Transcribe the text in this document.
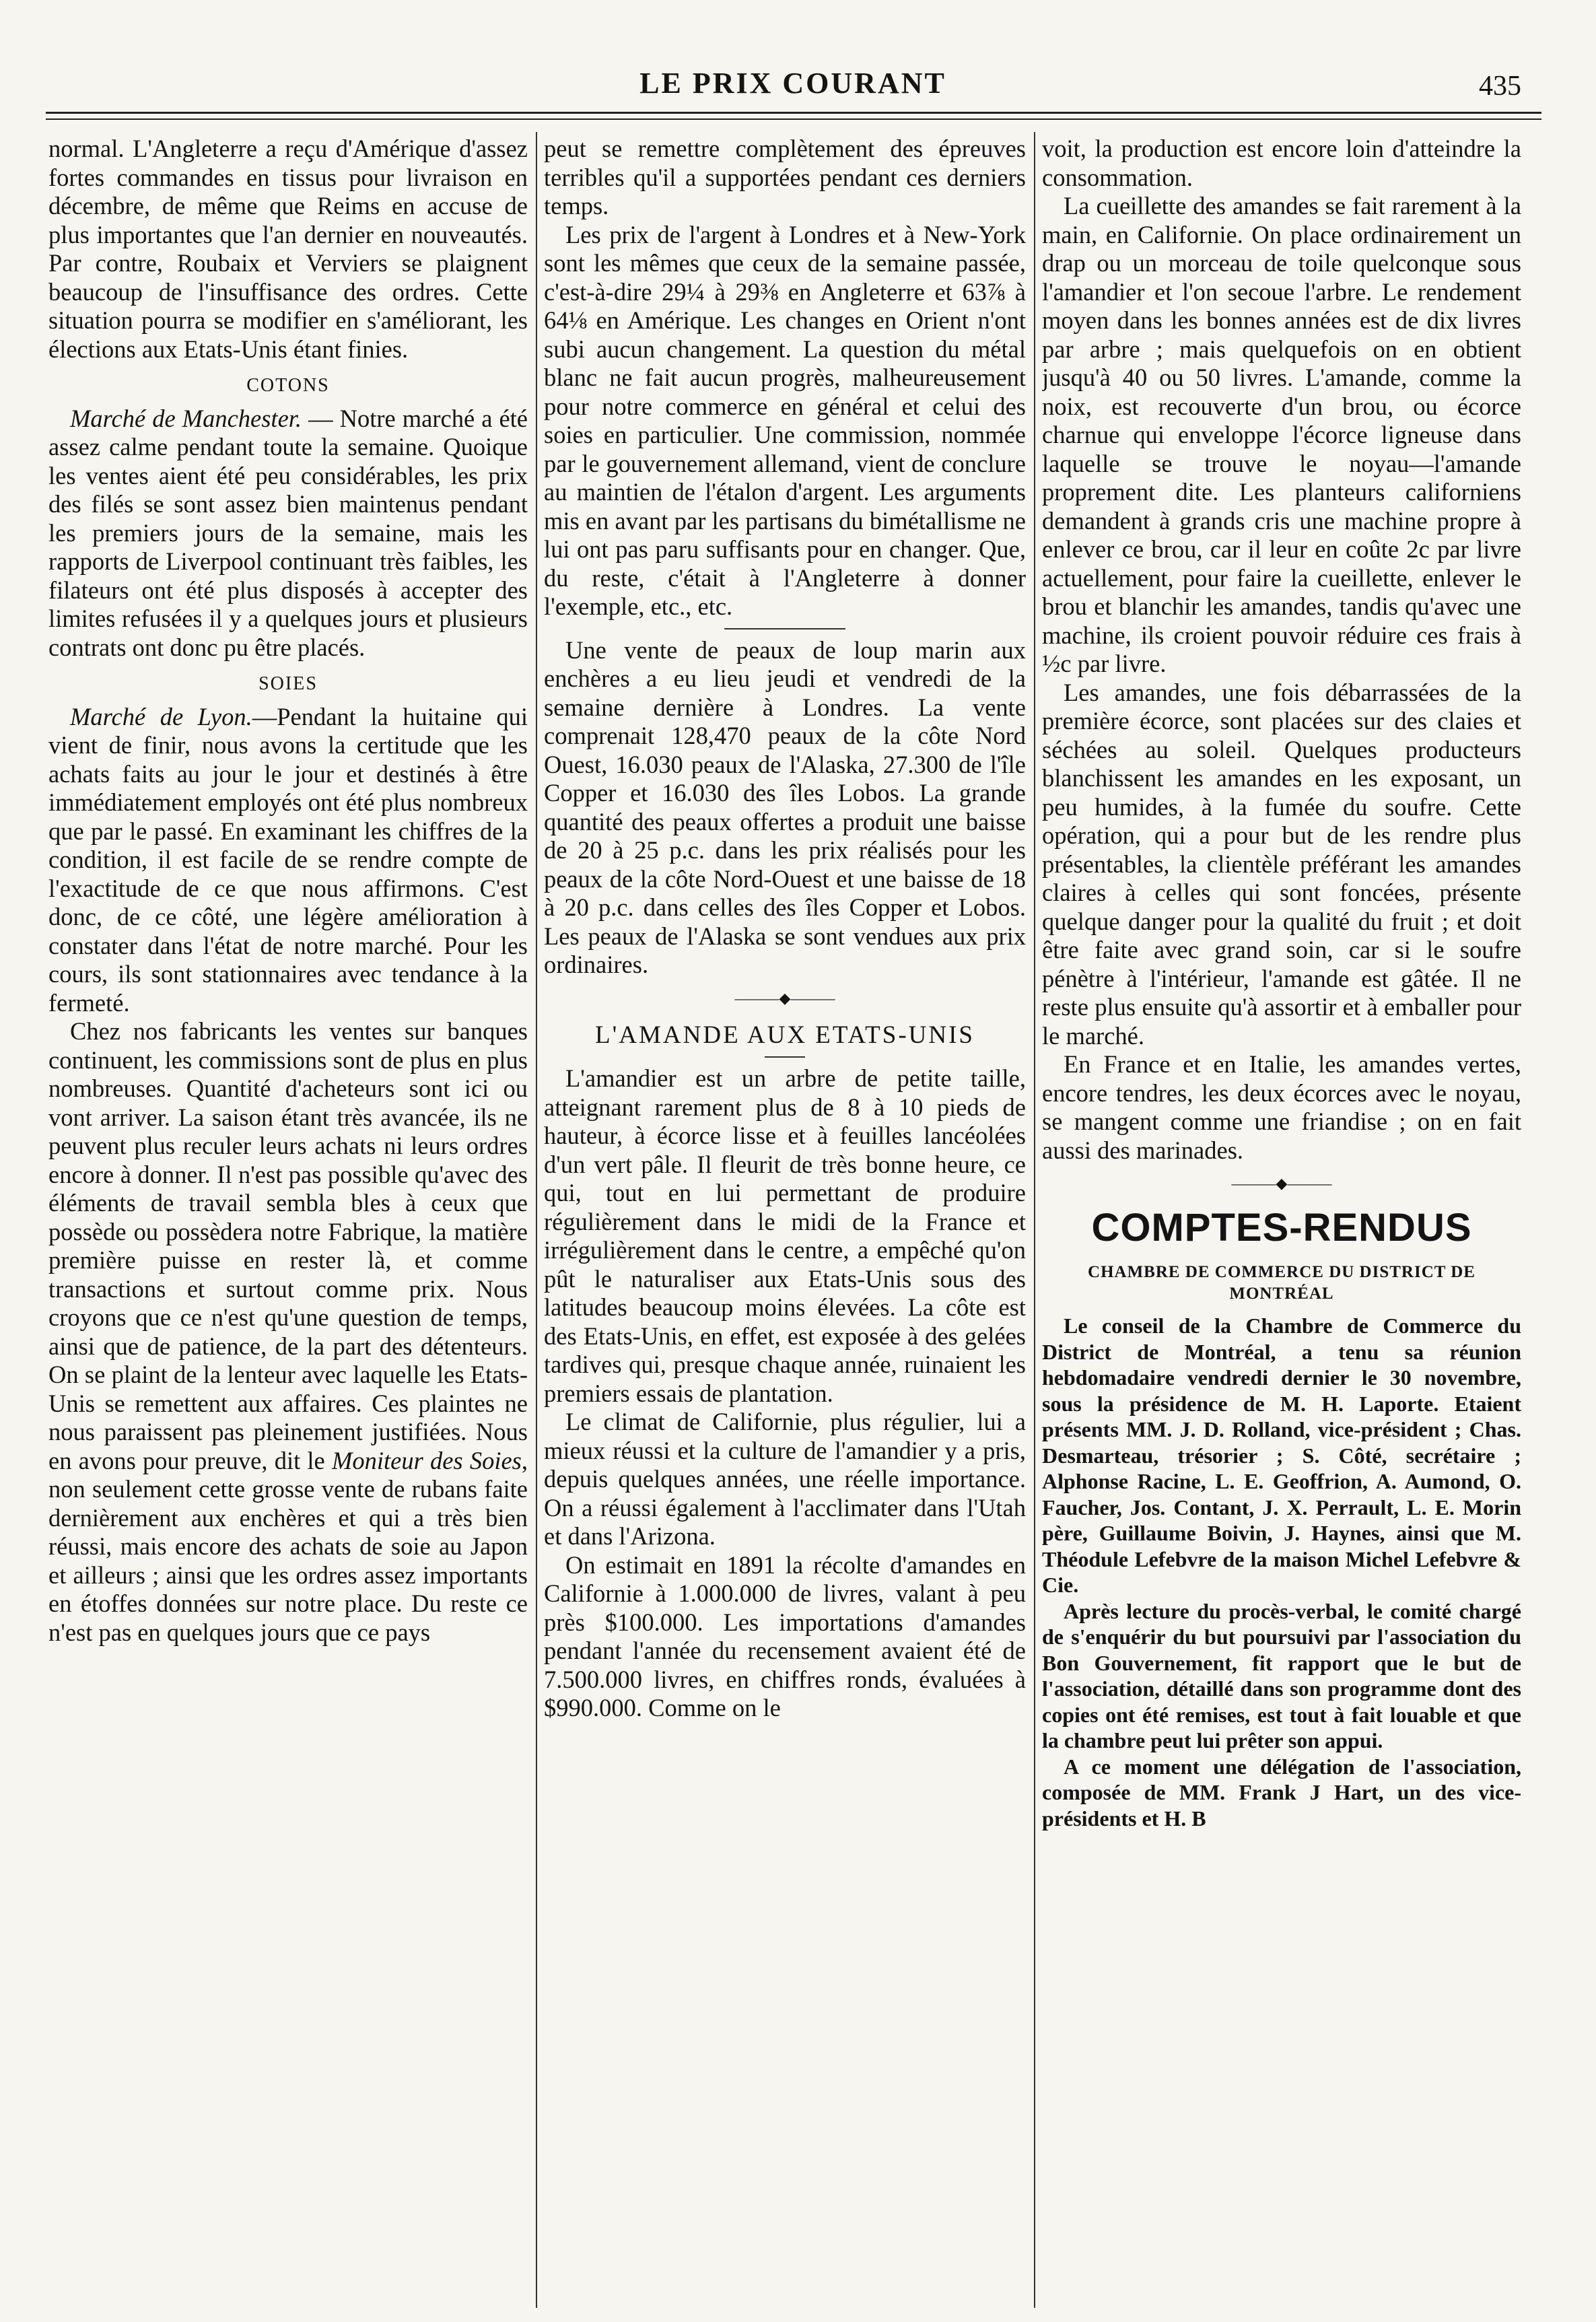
LE PRIX COURANT	435

normal. L'Angleterre a reçu d'Amérique d'assez fortes commandes en tissus pour livraison en décembre, de même que Reims en accuse de plus importantes que l'an dernier en nouveautés. Par contre, Roubaix et Verviers se plaignent beaucoup de l'insuffisance des ordres. Cette situation pourra se modifier en s'améliorant, les élections aux Etats-Unis étant finies.

COTONS

Marché de Manchester. — Notre marché a été assez calme pendant toute la semaine. Quoique les ventes aient été peu considérables, les prix des filés se sont assez bien maintenus pendant les premiers jours de la semaine, mais les rapports de Liverpool continuant très faibles, les filateurs ont été plus disposés à accepter des limites refusées il y a quelques jours et plusieurs contrats ont donc pu être placés.

SOIES

Marché de Lyon.—Pendant la huitaine qui vient de finir, nous avons la certitude que les achats faits au jour le jour et destinés à être immédiatement employés ont été plus nombreux que par le passé. En examinant les chiffres de la condition, il est facile de se rendre compte de l'exactitude de ce que nous affirmons. C'est donc, de ce côté, une légère amélioration à constater dans l'état de notre marché. Pour les cours, ils sont stationnaires avec tendance à la fermeté.

Chez nos fabricants les ventes sur banques continuent, les commissions sont de plus en plus nombreuses. Quantité d'acheteurs sont ici ou vont arriver. La saison étant très avancée, ils ne peuvent plus reculer leurs achats ni leurs ordres encore à donner. Il n'est pas possible qu'avec des éléments de travail sembla bles à ceux que possède ou possèdera notre Fabrique, la matière première puisse en rester là, et comme transactions et surtout comme prix. Nous croyons que ce n'est qu'une question de temps, ainsi que de patience, de la part des détenteurs. On se plaint de la lenteur avec laquelle les Etats-Unis se remettent aux affaires. Ces plaintes ne nous paraissent pas pleinement justifiées. Nous en avons pour preuve, dit le Moniteur des Soies, non seulement cette grosse vente de rubans faite dernièrement aux enchères et qui a très bien réussi, mais encore des achats de soie au Japon et ailleurs ; ainsi que les ordres assez importants en étoffes données sur notre place. Du reste ce n'est pas en quelques jours que ce pays

peut se remettre complètement des épreuves terribles qu'il a supportées pendant ces derniers temps.

Les prix de l'argent à Londres et à New-York sont les mêmes que ceux de la semaine passée, c'est-à-dire 29¼ à 29⅜ en Angleterre et 63⅞ à 64⅛ en Amérique. Les changes en Orient n'ont subi aucun changement. La question du métal blanc ne fait aucun progrès, malheureusement pour notre commerce en général et celui des soies en particulier. Une commission, nommée par le gouvernement allemand, vient de conclure au maintien de l'étalon d'argent. Les arguments mis en avant par les partisans du bimétallisme ne lui ont pas paru suffisants pour en changer. Que, du reste, c'était à l'Angleterre à donner l'exemple, etc., etc.

Une vente de peaux de loup marin aux enchères a eu lieu jeudi et vendredi de la semaine dernière à Londres. La vente comprenait 128,470 peaux de la côte Nord Ouest, 16.030 peaux de l'Alaska, 27.300 de l'île Copper et 16.030 des îles Lobos. La grande quantité des peaux offertes a produit une baisse de 20 à 25 p.c. dans les prix réalisés pour les peaux de la côte Nord-Ouest et une baisse de 18 à 20 p.c. dans celles des îles Copper et Lobos. Les peaux de l'Alaska se sont vendues aux prix ordinaires.

———◆———
L'AMANDE AUX ETATS-UNIS

L'amandier est un arbre de petite taille, atteignant rarement plus de 8 à 10 pieds de hauteur, à écorce lisse et à feuilles lancéolées d'un vert pâle. Il fleurit de très bonne heure, ce qui, tout en lui permettant de produire régulièrement dans le midi de la France et irrégulièrement dans le centre, a empêché qu'on pût le naturaliser aux Etats-Unis sous des latitudes beaucoup moins élevées. La côte est des Etats-Unis, en effet, est exposée à des gelées tardives qui, presque chaque année, ruinaient les premiers essais de plantation.

Le climat de Californie, plus régulier, lui a mieux réussi et la culture de l'amandier y a pris, depuis quelques années, une réelle importance. On a réussi également à l'acclimater dans l'Utah et dans l'Arizona.

On estimait en 1891 la récolte d'amandes en Californie à 1.000.000 de livres, valant à peu près $100.000. Les importations d'amandes pendant l'année du recensement avaient été de 7.500.000 livres, en chiffres ronds, évaluées à $990.000. Comme on le

voit, la production est encore loin d'atteindre la consommation.

La cueillette des amandes se fait rarement à la main, en Californie. On place ordinairement un drap ou un morceau de toile quelconque sous l'amandier et l'on secoue l'arbre. Le rendement moyen dans les bonnes années est de dix livres par arbre ; mais quelquefois on en obtient jusqu'à 40 ou 50 livres. L'amande, comme la noix, est recouverte d'un brou, ou écorce charnue qui enveloppe l'écorce ligneuse dans laquelle se trouve le noyau—l'amande proprement dite. Les planteurs californiens demandent à grands cris une machine propre à enlever ce brou, car il leur en coûte 2c par livre actuellement, pour faire la cueillette, enlever le brou et blanchir les amandes, tandis qu'avec une machine, ils croient pouvoir réduire ces frais à ½c par livre.

Les amandes, une fois débarrassées de la première écorce, sont placées sur des claies et séchées au soleil. Quelques producteurs blanchissent les amandes en les exposant, un peu humides, à la fumée du soufre. Cette opération, qui a pour but de les rendre plus présentables, la clientèle préférant les amandes claires à celles qui sont foncées, présente quelque danger pour la qualité du fruit ; et doit être faite avec grand soin, car si le soufre pénètre à l'intérieur, l'amande est gâtée. Il ne reste plus ensuite qu'à assortir et à emballer pour le marché.

En France et en Italie, les amandes vertes, encore tendres, les deux écorces avec le noyau, se mangent comme une friandise ; on en fait aussi des marinades.

———◆———
COMPTES-RENDUS
CHAMBRE DE COMMERCE DU DISTRICT DE MONTRÉAL

Le conseil de la Chambre de Commerce du District de Montréal, a tenu sa réunion hebdomadaire vendredi dernier le 30 novembre, sous la présidence de M. H. Laporte. Etaient présents MM. J. D. Rolland, vice-président ; Chas. Desmarteau, trésorier ; S. Côté, secrétaire ; Alphonse Racine, L. E. Geoffrion, A. Aumond, O. Faucher, Jos. Contant, J. X. Perrault, L. E. Morin père, Guillaume Boivin, J. Haynes, ainsi que M. Théodule Lefebvre de la maison Michel Lefebvre & Cie.

Après lecture du procès-verbal, le comité chargé de s'enquérir du but poursuivi par l'association du Bon Gouvernement, fit rapport que le but de l'association, détaillé dans son programme dont des copies ont été remises, est tout à fait louable et que la chambre peut lui prêter son appui.

A ce moment une délégation de l'association, composée de MM. Frank J Hart, un des vice-présidents et H. B
